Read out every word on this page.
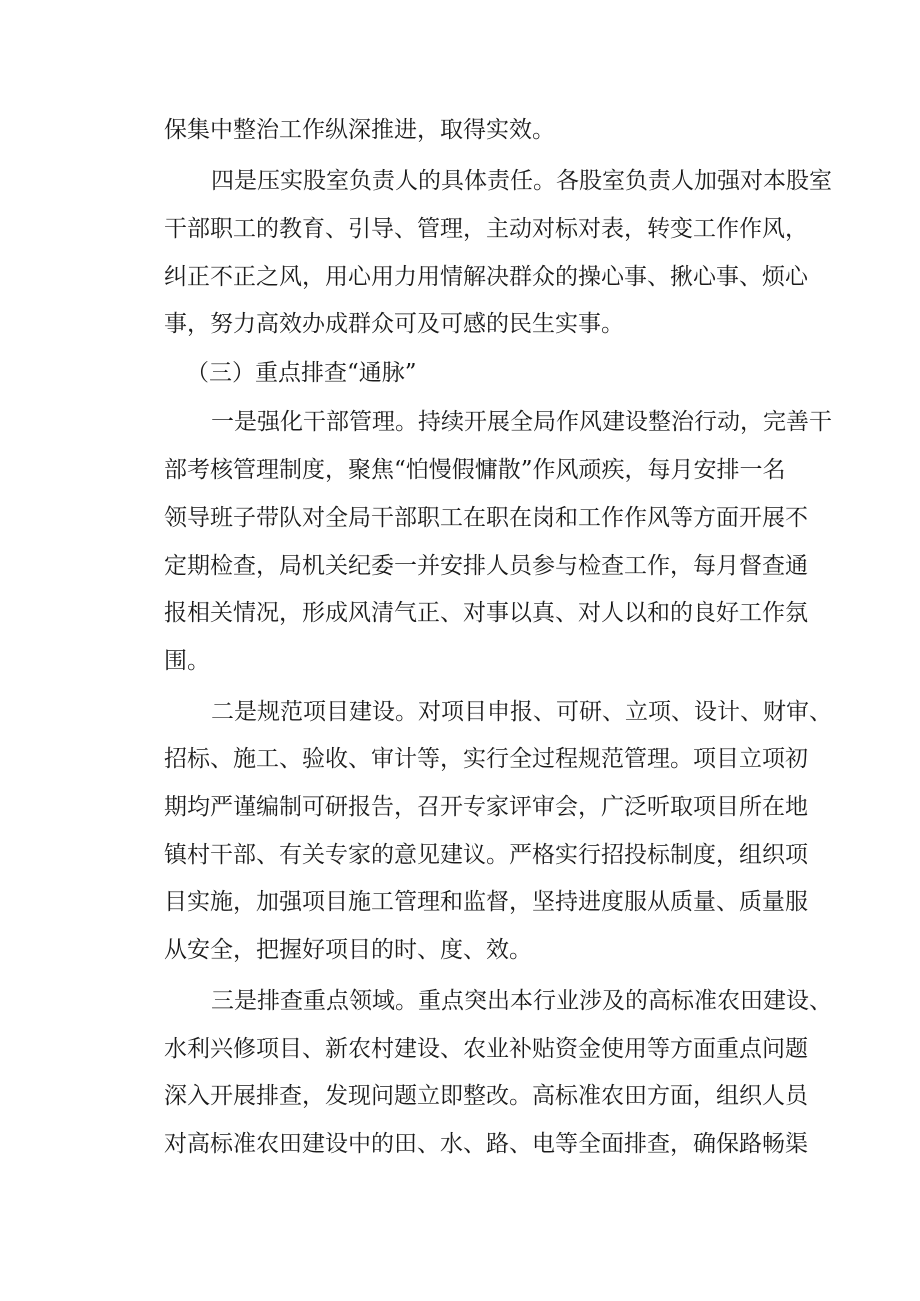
保集中整治工作纵深推进，取得实效。
四是压实股室负责人的具体责任。各股室负责人加强对本股室
干部职工的教育、引导、管理，主动对标对表，转变工作作风，
纠正不正之风，用心用力用情解决群众的操心事、揪心事、烦心
事，努力高效办成群众可及可感的民生实事。
（三）重点排查“通脉”
一是强化干部管理。持续开展全局作风建设整治行动，完善干
部考核管理制度，聚焦“怕慢假慵散”作风顽疾，每月安排一名
领导班子带队对全局干部职工在职在岗和工作作风等方面开展不
定期检查，局机关纪委一并安排人员参与检查工作，每月督查通
报相关情况，形成风清气正、对事以真、对人以和的良好工作氛
围。
二是规范项目建设。对项目申报、可研、立项、设计、财审、
招标、施工、验收、审计等，实行全过程规范管理。项目立项初
期均严谨编制可研报告，召开专家评审会，广泛听取项目所在地
镇村干部、有关专家的意见建议。严格实行招投标制度，组织项
目实施，加强项目施工管理和监督，坚持进度服从质量、质量服
从安全，把握好项目的时、度、效。
三是排查重点领域。重点突出本行业涉及的高标准农田建设、
水利兴修项目、新农村建设、农业补贴资金使用等方面重点问题
深入开展排查，发现问题立即整改。高标准农田方面，组织人员
对高标准农田建设中的田、水、路、电等全面排查，确保路畅渠
